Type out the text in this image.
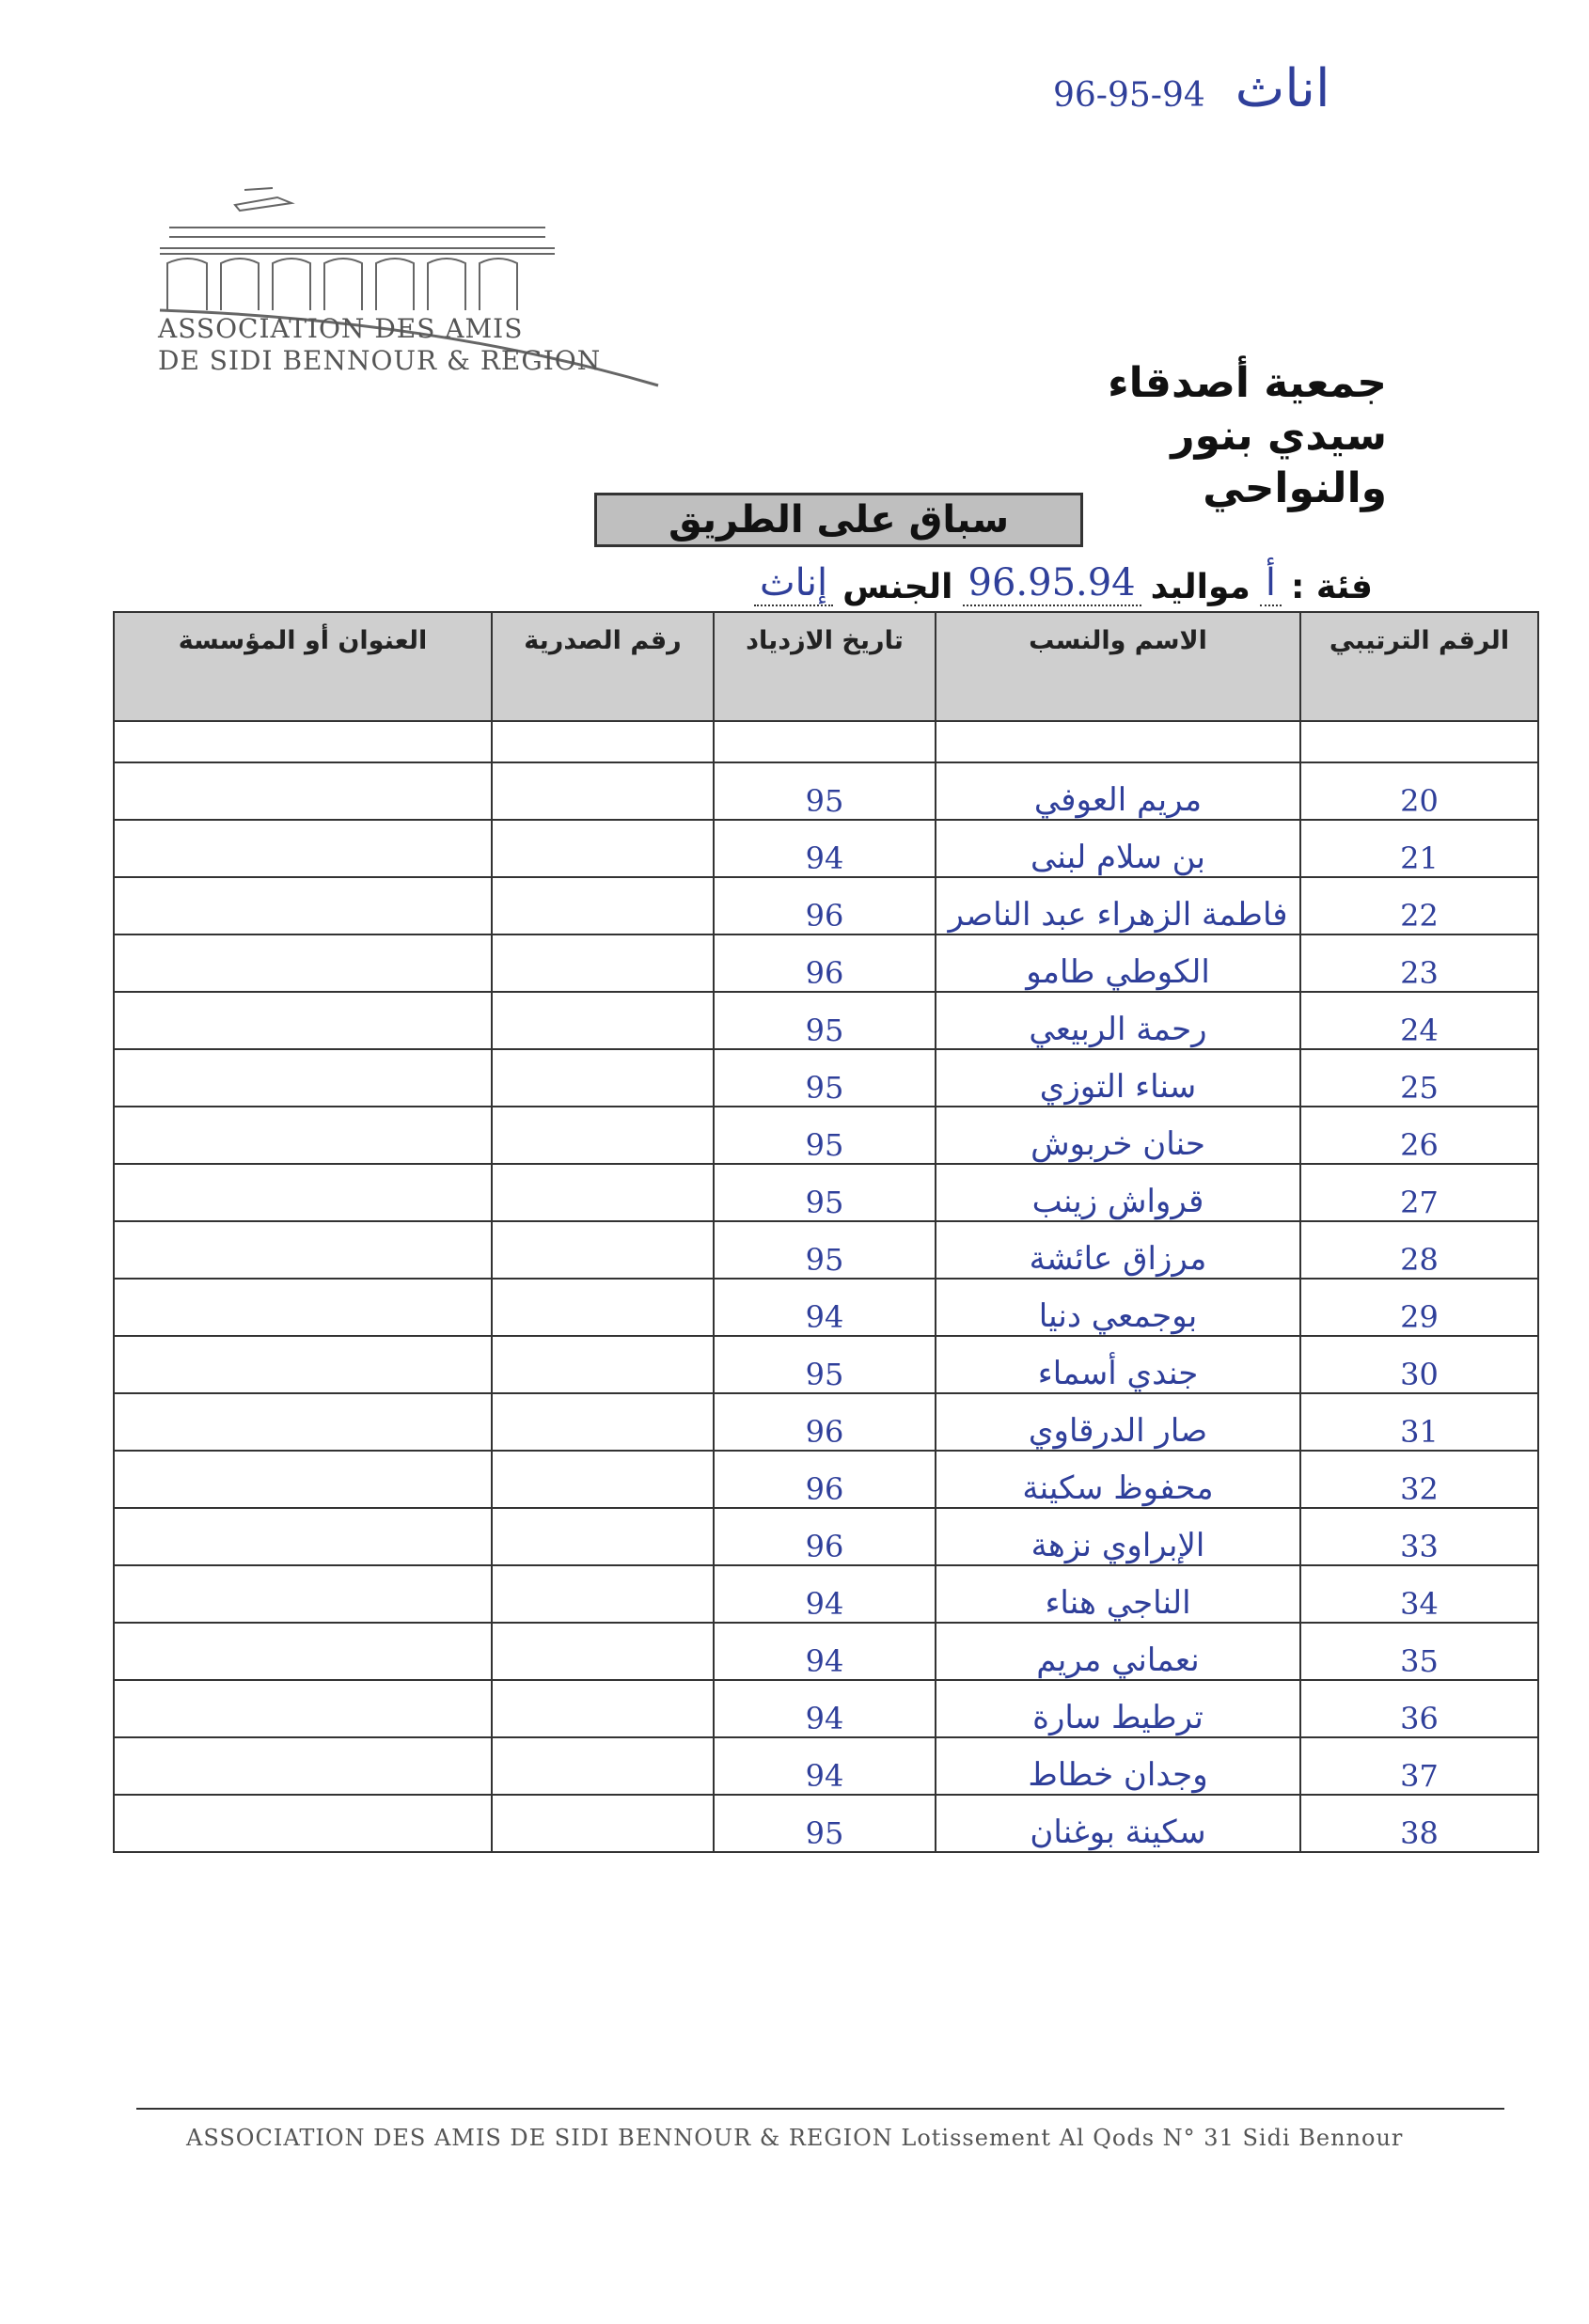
96-95-94 اناث
ASSOCIATION DES AMIS
DE SIDI BENNOUR & REGION	جمعية أصدقاء
سيدي بنور
والنواحي
سباق على الطريق
فئة :
أ
مواليد
96.95.94
الجنس
إناث
العنوان أو المؤسسة	رقم الصدرية	تاريخ الازدياد	الاسم والنسب	الرقم الترتيبي

		95	مريم العوفي	20
		94	بن سلام لبنى	21
		96	فاطمة الزهراء عبد الناصر	22
		96	الكوطي طامو	23
		95	رحمة الربيعي	24
		95	سناء التوزي	25
		95	حنان خربوش	26
		95	قرواش زينب	27
		95	مرزاق عائشة	28
		94	بوجمعي دنيا	29
		95	جندي أسماء	30
		96	صار الدرقاوي	31
		96	محفوظ سكينة	32
		96	الإبراوي نزهة	33
		94	الناجي هناء	34
		94	نعماني مريم	35
		94	ترطيط سارة	36
		94	وجدان خطاط	37
		95	سكينة بوغنان	38
ASSOCIATION DES AMIS DE SIDI BENNOUR & REGION Lotissement Al Qods N° 31 Sidi Bennour
